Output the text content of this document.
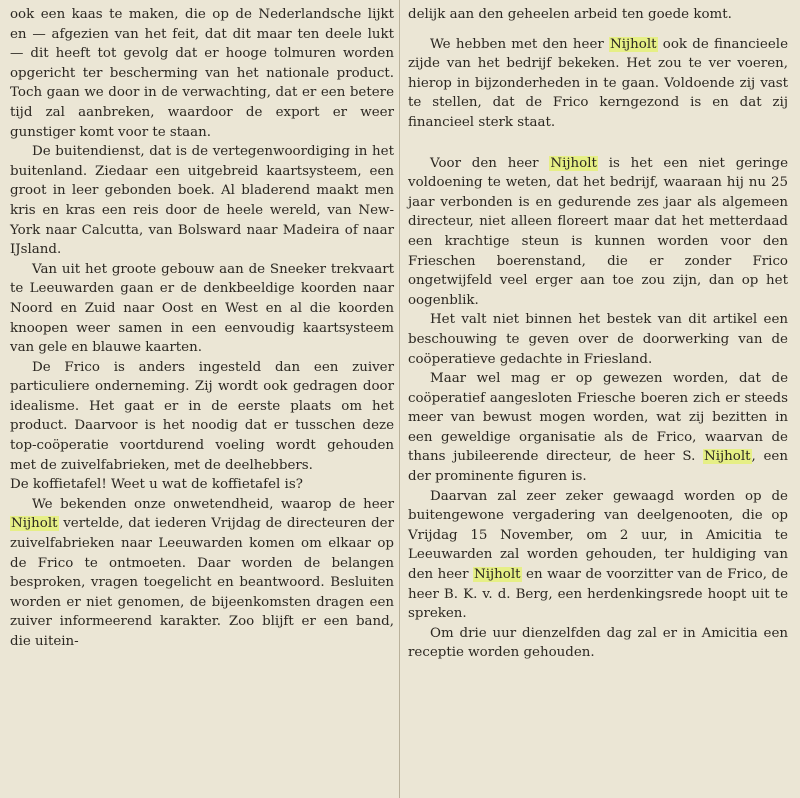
ook een kaas te maken, die op de Nederlandsche lijkt en — afgezien van het feit, dat dit maar ten deele lukt — dit heeft tot gevolg dat er hooge tolmuren worden opgericht ter bescherming van het nationale product. Toch gaan we door in de verwachting, dat er een betere tijd zal aanbreken, waardoor de export er weer gunstiger komt voor te staan.

De buitendienst, dat is de vertegenwoordiging in het buitenland. Ziedaar een uitgebreid kaartsysteem, een groot in leer gebonden boek. Al bladerend maakt men kris en kras een reis door de heele wereld, van New-York naar Calcutta, van Bolsward naar Madeira of naar IJsland.

Van uit het groote gebouw aan de Sneeker trekvaart te Leeuwarden gaan er de denkbeeldige koorden naar Noord en Zuid naar Oost en West en al die koorden knoopen weer samen in een eenvoudig kaartsysteem van gele en blauwe kaarten.

De Frico is anders ingesteld dan een zuiver particuliere onderneming. Zij wordt ook gedragen door idealisme. Het gaat er in de eerste plaats om het product. Daarvoor is het noodig dat er tusschen deze top-coöperatie voortdurend voeling wordt gehouden met de zuivelfabrieken, met de deelhebbers.

De koffietafel! Weet u wat de koffietafel is?

We bekenden onze onwetendheid, waarop de heer Nijholt vertelde, dat iederen Vrijdag de directeuren der zuivelfabrieken naar Leeuwarden komen om elkaar op de Frico te ontmoeten. Daar worden de belangen besproken, vragen toegelicht en beantwoord. Besluiten worden er niet genomen, de bijeenkomsten dragen een zuiver informeerend karakter. Zoo blijft er een band, die uitein-

delijk aan den geheelen arbeid ten goede komt.

We hebben met den heer Nijholt ook de financieele zijde van het bedrijf bekeken. Het zou te ver voeren, hierop in bijzonderheden in te gaan. Voldoende zij vast te stellen, dat de Frico kerngezond is en dat zij financieel sterk staat.

Voor den heer Nijholt is het een niet geringe voldoening te weten, dat het bedrijf, waaraan hij nu 25 jaar verbonden is en gedurende zes jaar als algemeen directeur, niet alleen floreert maar dat het metterdaad een krachtige steun is kunnen worden voor den Frieschen boerenstand, die er zonder Frico ongetwijfeld veel erger aan toe zou zijn, dan op het oogenblik.

Het valt niet binnen het bestek van dit artikel een beschouwing te geven over de doorwerking van de coöperatieve gedachte in Friesland.

Maar wel mag er op gewezen worden, dat de coöperatief aangesloten Friesche boeren zich er steeds meer van bewust mogen worden, wat zij bezitten in een geweldige organisatie als de Frico, waarvan de thans jubileerende directeur, de heer S. Nijholt, een der prominente figuren is.

Daarvan zal zeer zeker gewaagd worden op de buitengewone vergadering van deelgenooten, die op Vrijdag 15 November, om 2 uur, in Amicitia te Leeuwarden zal worden gehouden, ter huldiging van den heer Nijholt en waar de voorzitter van de Frico, de heer B. K. v. d. Berg, een herdenkingsrede hoopt uit te spreken.

Om drie uur dienzelfden dag zal er in Amicitia een receptie worden gehouden.
